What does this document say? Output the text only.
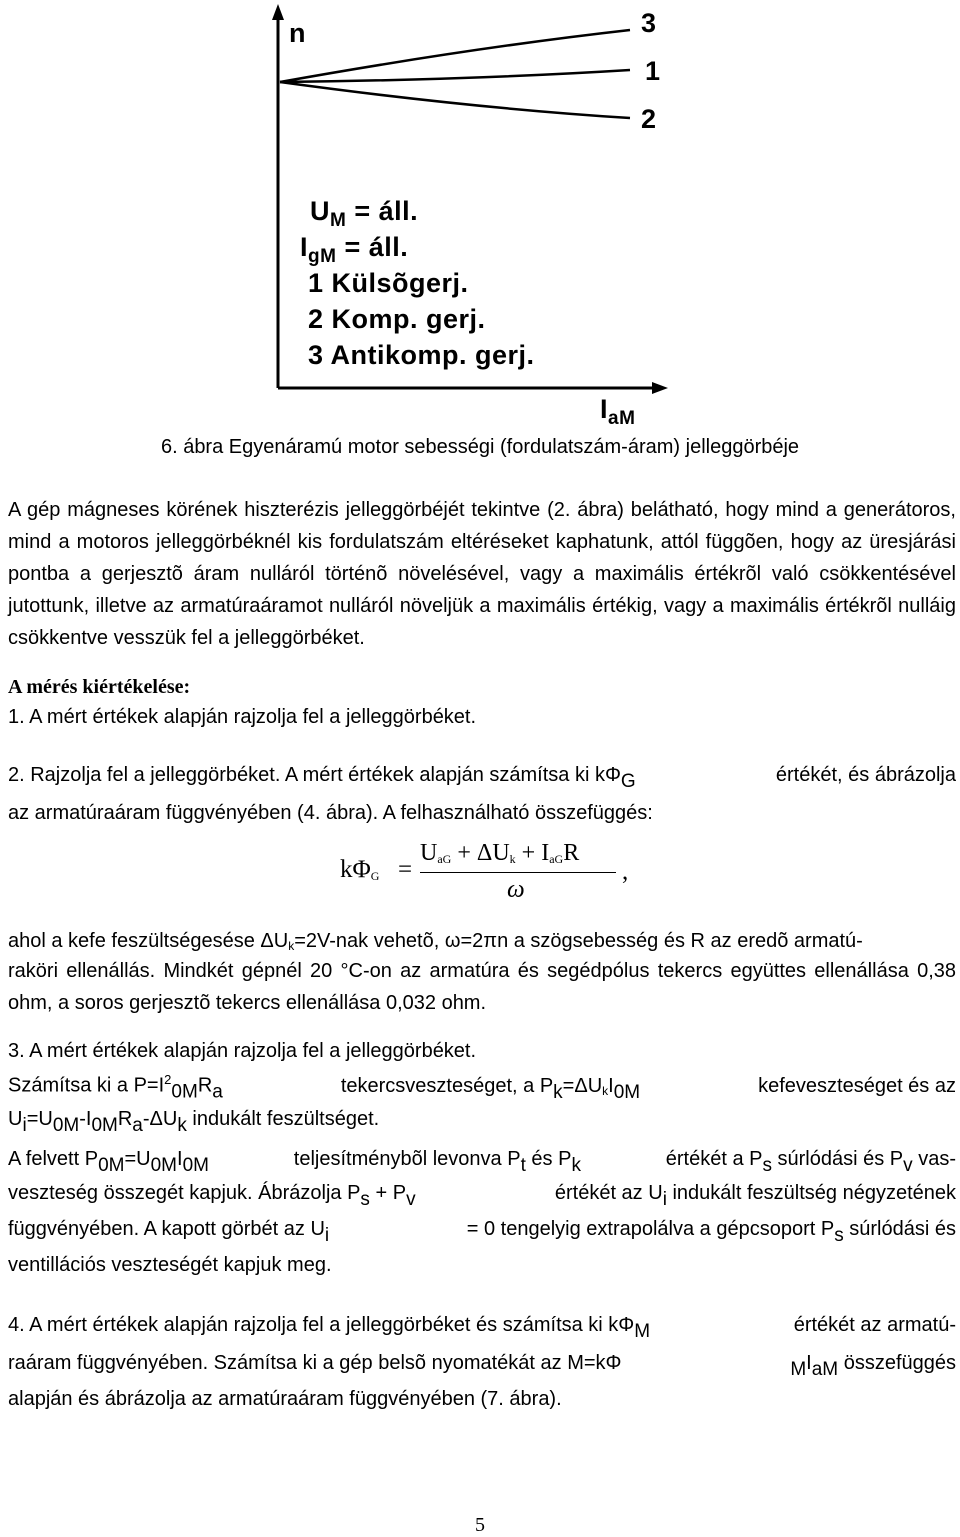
n
$I_{aM}$
3
1
2
$U_M$ = áll.
$I_{gM}$ = áll.
1 Külsõgerj.
2 Komp. gerj.
3 Antikomp. gerj.
6. ábra Egyenáramú motor sebességi (fordulatszám-áram) jelleggörbéje
A gép mágneses körének hiszterézis jelleggörbéjét tekintve (2. ábra) belátható, hogy mind a generátoros, mind a motoros jelleggörbéknél kis fordulatszám eltéréseket kaphatunk, attól függõen, hogy az üresjárási pontba a gerjesztõ áram nulláról történõ növelésével, vagy a maximális értékrõl való csökkentésével jutottunk, illetve az armatúraáramot nulláról növeljük a maximális értékig, vagy a maximális értékrõl nulláig csökkentve vesszük fel a jelleggörbéket.
A mérés kiértékelése:
1. A mért értékek alapján rajzolja fel a jelleggörbéket.
2. Rajzolja fel a jelleggörbéket. A mért értékek alapján számítsa ki $k\Phi_G$	értékét, és ábrázolja
az armatúraáram függvényében (4. ábra). A felhasználható összefüggés:
$k\Phi_G$ =
$U_{aG} + \Delta U_k + I_{aG}R$
ω
,
ahol a kefe feszültségesése $\Delta U_k=2V$-nak vehetõ, ω=2πn a szögsebesség és R az eredõ armatú-
raköri ellenállás. Mindkét gépnél 20 °C-on az armatúra és segédpólus tekercs együttes ellenállása 0,38 ohm, a soros gerjesztõ tekercs ellenállása 0,032 ohm.
3. A mért értékek alapján rajzolja fel a jelleggörbéket.
Számítsa ki a $P=I^2_{0M}R_a$	tekercsveszteséget, a $P_k=\Delta U_kI_{0M}$	kefeveszteséget és az
$U_i=U_{0M}-I_{0M}R_a-\Delta U_k$ indukált feszültséget.
A felvett $P_{0M}=U_{0M}I_{0M}$	teljesítménybõl levonva $P_t$ és $P_k$	értékét a $P_s$ súrlódási és $P_v$ vas-
veszteség összegét kapjuk. Ábrázolja $P_s + P_v$	értékét az $U_i$ indukált feszültség négyzetének
függvényében. A kapott görbét az $U_i$	= 0 tengelyig extrapolálva a gépcsoport $P_s$ súrlódási és
ventillációs veszteségét kapjuk meg.
4. A mért értékek alapján rajzolja fel a jelleggörbéket és számítsa ki $k\Phi_M$	értékét az armatú-
raáram függvényében. Számítsa ki a gép belsõ nyomatékát az M=kΦ	$_MI_{aM}$ összefüggés
alapján és ábrázolja az armatúraáram függvényében (7. ábra).
5
